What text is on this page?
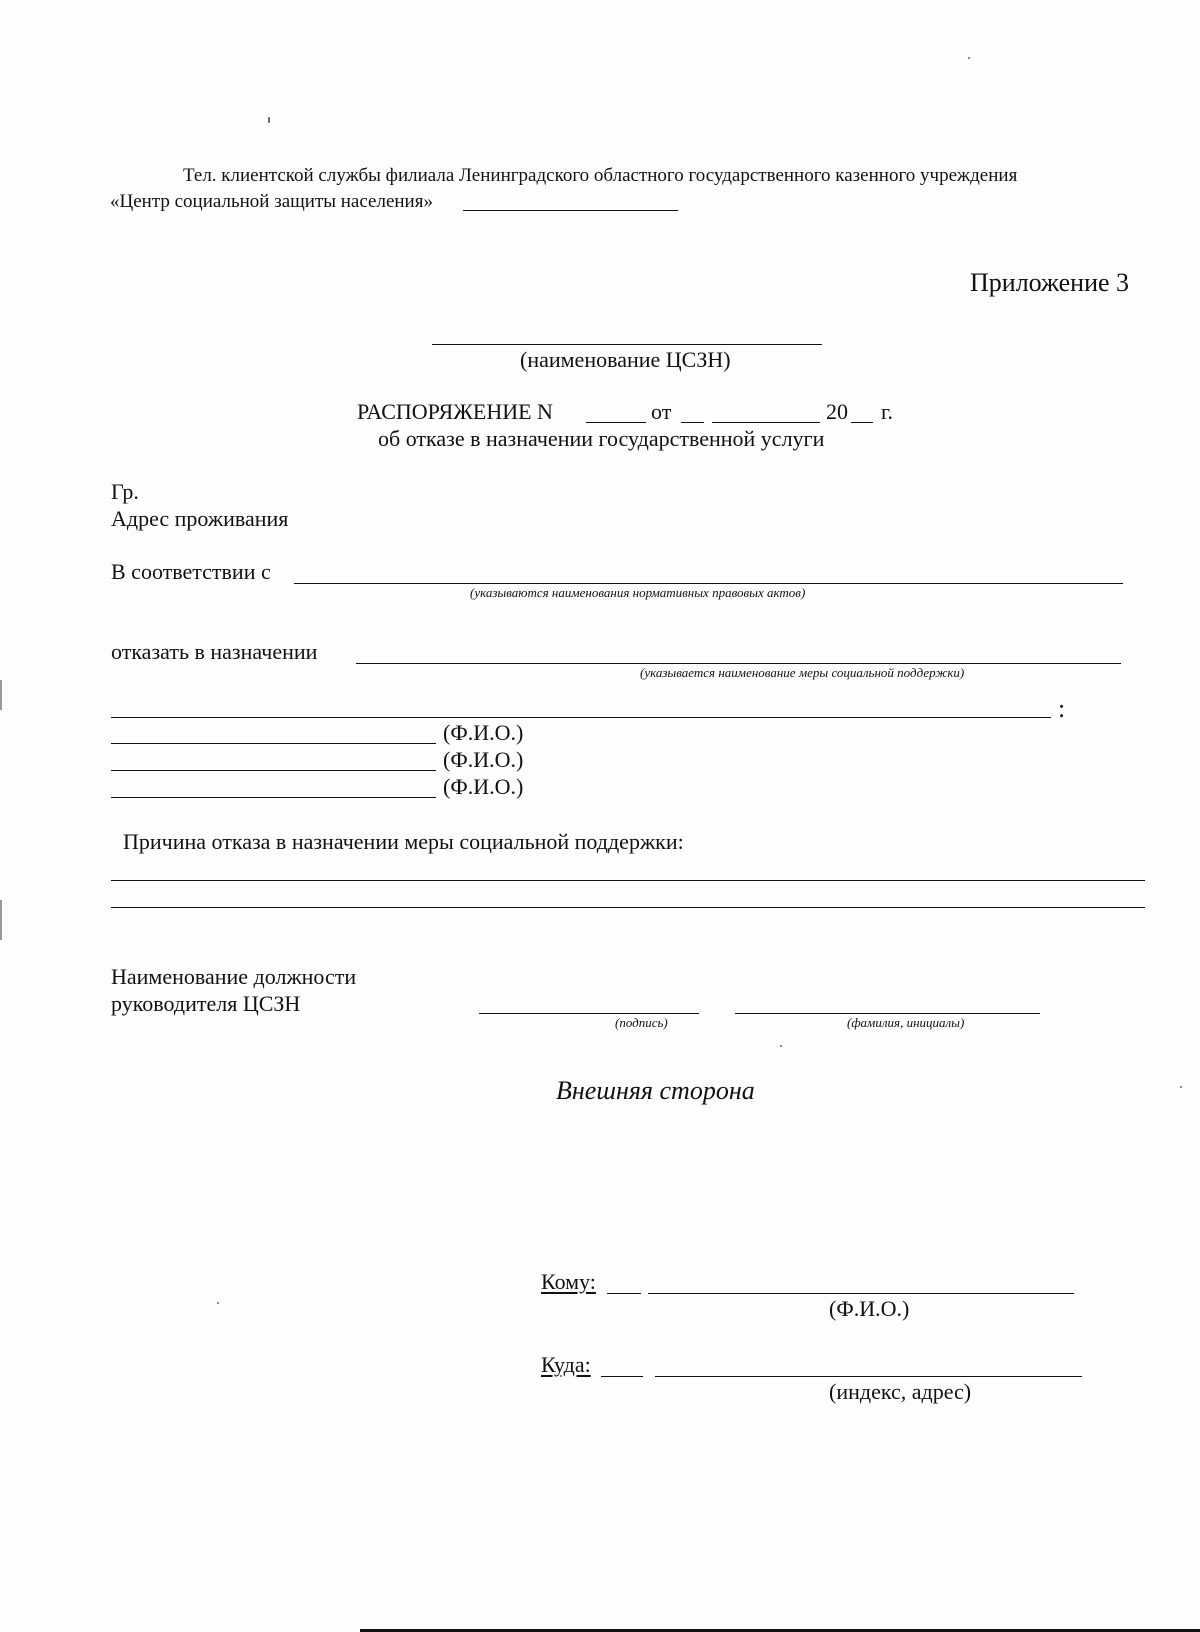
Тел. клиентской службы филиала Ленинградского областного государственного казенного учреждения
«Центр социальной защиты населения»
Приложение 3
(наименование ЦСЗН)
РАСПОРЯЖЕНИЕ N	от	20 г.
об отказе в назначении государственной услуги
Гр.
Адрес проживания
В соответствии с
(указываются наименования нормативных правовых актов)
отказать в назначении
(указывается наименование меры социальной поддержки)
:
(Ф.И.О.)
(Ф.И.О.)
(Ф.И.О.)
Причина отказа в назначении меры социальной поддержки:
Наименование должности
руководителя ЦСЗН
(подпись)	(фамилия, инициалы)
Внешняя сторона
Кому:
(Ф.И.О.)
Куда:
(индекс, адрес)
